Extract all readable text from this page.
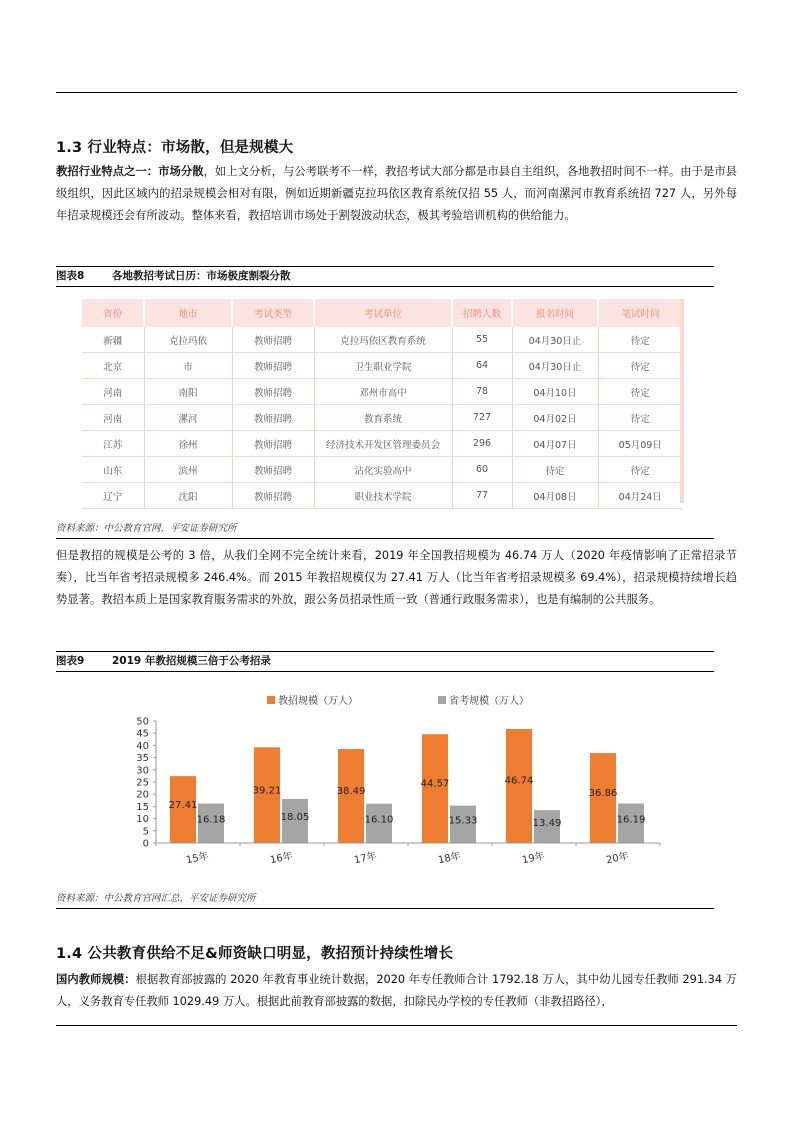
1.3 行业特点：市场散，但是规模大
教招行业特点之一：市场分散，如上文分析，与公考联考不一样，教招考试大部分都是市县自主组织，各地教招时间不一样。由于是市县级组织，因此区域内的招录规模会相对有限，例如近期新疆克拉玛依区教育系统仅招 55 人，而河南漯河市教育系统招 727 人，另外每年招录规模还会有所波动。整体来看，教招培训市场处于割裂波动状态，极其考验培训机构的供给能力。
图表8	各地教招考试日历：市场极度割裂分散
省份	地市	考试类型	考试单位	招聘人数	报名时间	笔试时间
新疆	克拉玛依	教师招聘	克拉玛依区教育系统	55	04月30日止	待定
北京	市	教师招聘	卫生职业学院	64	04月30日止	待定
河南	南阳	教师招聘	邓州市高中	78	04月10日	待定
河南	漯河	教师招聘	教育系统	727	04月02日	待定
江苏	徐州	教师招聘	经济技术开发区管理委员会	296	04月07日	05月09日
山东	滨州	教师招聘	沾化实验高中	60	待定	待定
辽宁	沈阳	教师招聘	职业技术学院	77	04月08日	04月24日
资料来源：中公教育官网，平安证券研究所
但是教招的规模是公考的 3 倍，从我们全网不完全统计来看，2019 年全国教招规模为 46.74 万人（2020 年疫情影响了正常招录节奏），比当年省考招录规模多 246.4%。而 2015 年教招规模仅为 27.41 万人（比当年省考招录规模多 69.4%），招录规模持续增长趋势显著。教招本质上是国家教育服务需求的外放，跟公务员招录性质一致（普通行政服务需求），也是有编制的公共服务。
图表9	2019 年教招规模三倍于公考招录
教招规模（万人）	省考规模（万人）
0
5
10
15
20
25
30
35
40
45
50
27.41
16.18
39.21
18.05
38.49
16.10
44.57
15.33
46.74
13.49
36.86
16.19
15年	16年	17年	18年	19年	20年
资料来源：中公教育官网汇总，平安证券研究所
1.4 公共教育供给不足&师资缺口明显，教招预计持续性增长
国内教师规模：根据教育部披露的 2020 年教育事业统计数据，2020 年专任教师合计 1792.18 万人，其中幼儿园专任教师 291.34 万人，义务教育专任教师 1029.49 万人。根据此前教育部披露的数据，扣除民办学校的专任教师（非教招路径），
